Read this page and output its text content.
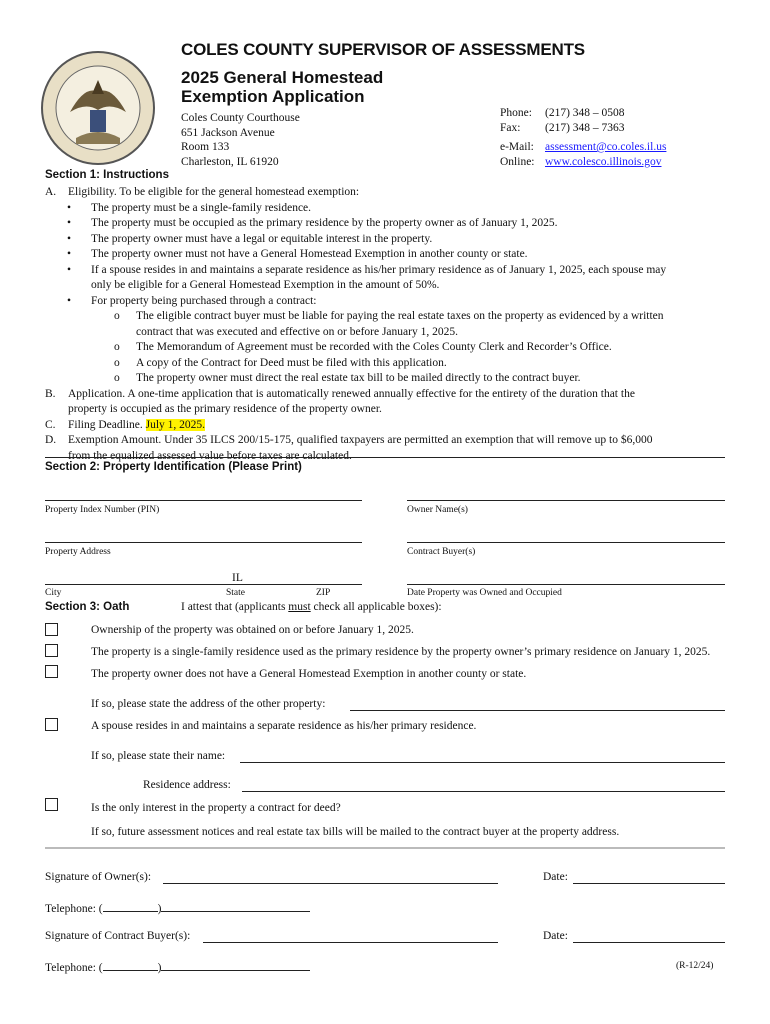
COLES COUNTY SUPERVISOR OF ASSESSMENTS
2025 General Homestead
Exemption Application
Coles County Courthouse
651 Jackson Avenue
Room 133
Charleston, IL 61920
Phone: (217) 348 – 0508
Fax: (217) 348 – 7363
e-Mail: assessment@co.coles.il.us
Online: www.colesco.illinois.gov
Section 1: Instructions
A. Eligibility. To be eligible for the general homestead exemption:
• The property must be a single-family residence.
• The property must be occupied as the primary residence by the property owner as of January 1, 2025.
• The property owner must have a legal or equitable interest in the property.
• The property owner must not have a General Homestead Exemption in another county or state.
• If a spouse resides in and maintains a separate residence as his/her primary residence as of January 1, 2025, each spouse may
only be eligible for a General Homestead Exemption in the amount of 50%.
• For property being purchased through a contract:
o The eligible contract buyer must be liable for paying the real estate taxes on the property as evidenced by a written
contract that was executed and effective on or before January 1, 2025.
o The Memorandum of Agreement must be recorded with the Coles County Clerk and Recorder’s Office.
o A copy of the Contract for Deed must be filed with this application.
o The property owner must direct the real estate tax bill to be mailed directly to the contract buyer.
B. Application. A one-time application that is automatically renewed annually effective for the entirety of the duration that the
property is occupied as the primary residence of the property owner.
C. Filing Deadline. July 1, 2025.
D. Exemption Amount. Under 35 ILCS 200/15-175, qualified taxpayers are permitted an exemption that will remove up to $6,000
from the equalized assessed value before taxes are calculated.
Section 2: Property Identification (Please Print)
Property Index Number (PIN)	Owner Name(s)
Property Address	Contract Buyer(s)
IL
City	State	ZIP	Date Property was Owned and Occupied
Section 3: Oath	I attest that (applicants must check all applicable boxes):
Ownership of the property was obtained on or before January 1, 2025.
The property is a single-family residence used as the primary residence by the property owner’s primary residence on January 1, 2025.
The property owner does not have a General Homestead Exemption in another county or state.
If so, please state the address of the other property:
A spouse resides in and maintains a separate residence as his/her primary residence.
If so, please state their name:
Residence address:
Is the only interest in the property a contract for deed?
If so, future assessment notices and real estate tax bills will be mailed to the contract buyer at the property address.
Signature of Owner(s):	Date:
Telephone: (	)
Signature of Contract Buyer(s):	Date:
Telephone: (	)	(R-12/24)
